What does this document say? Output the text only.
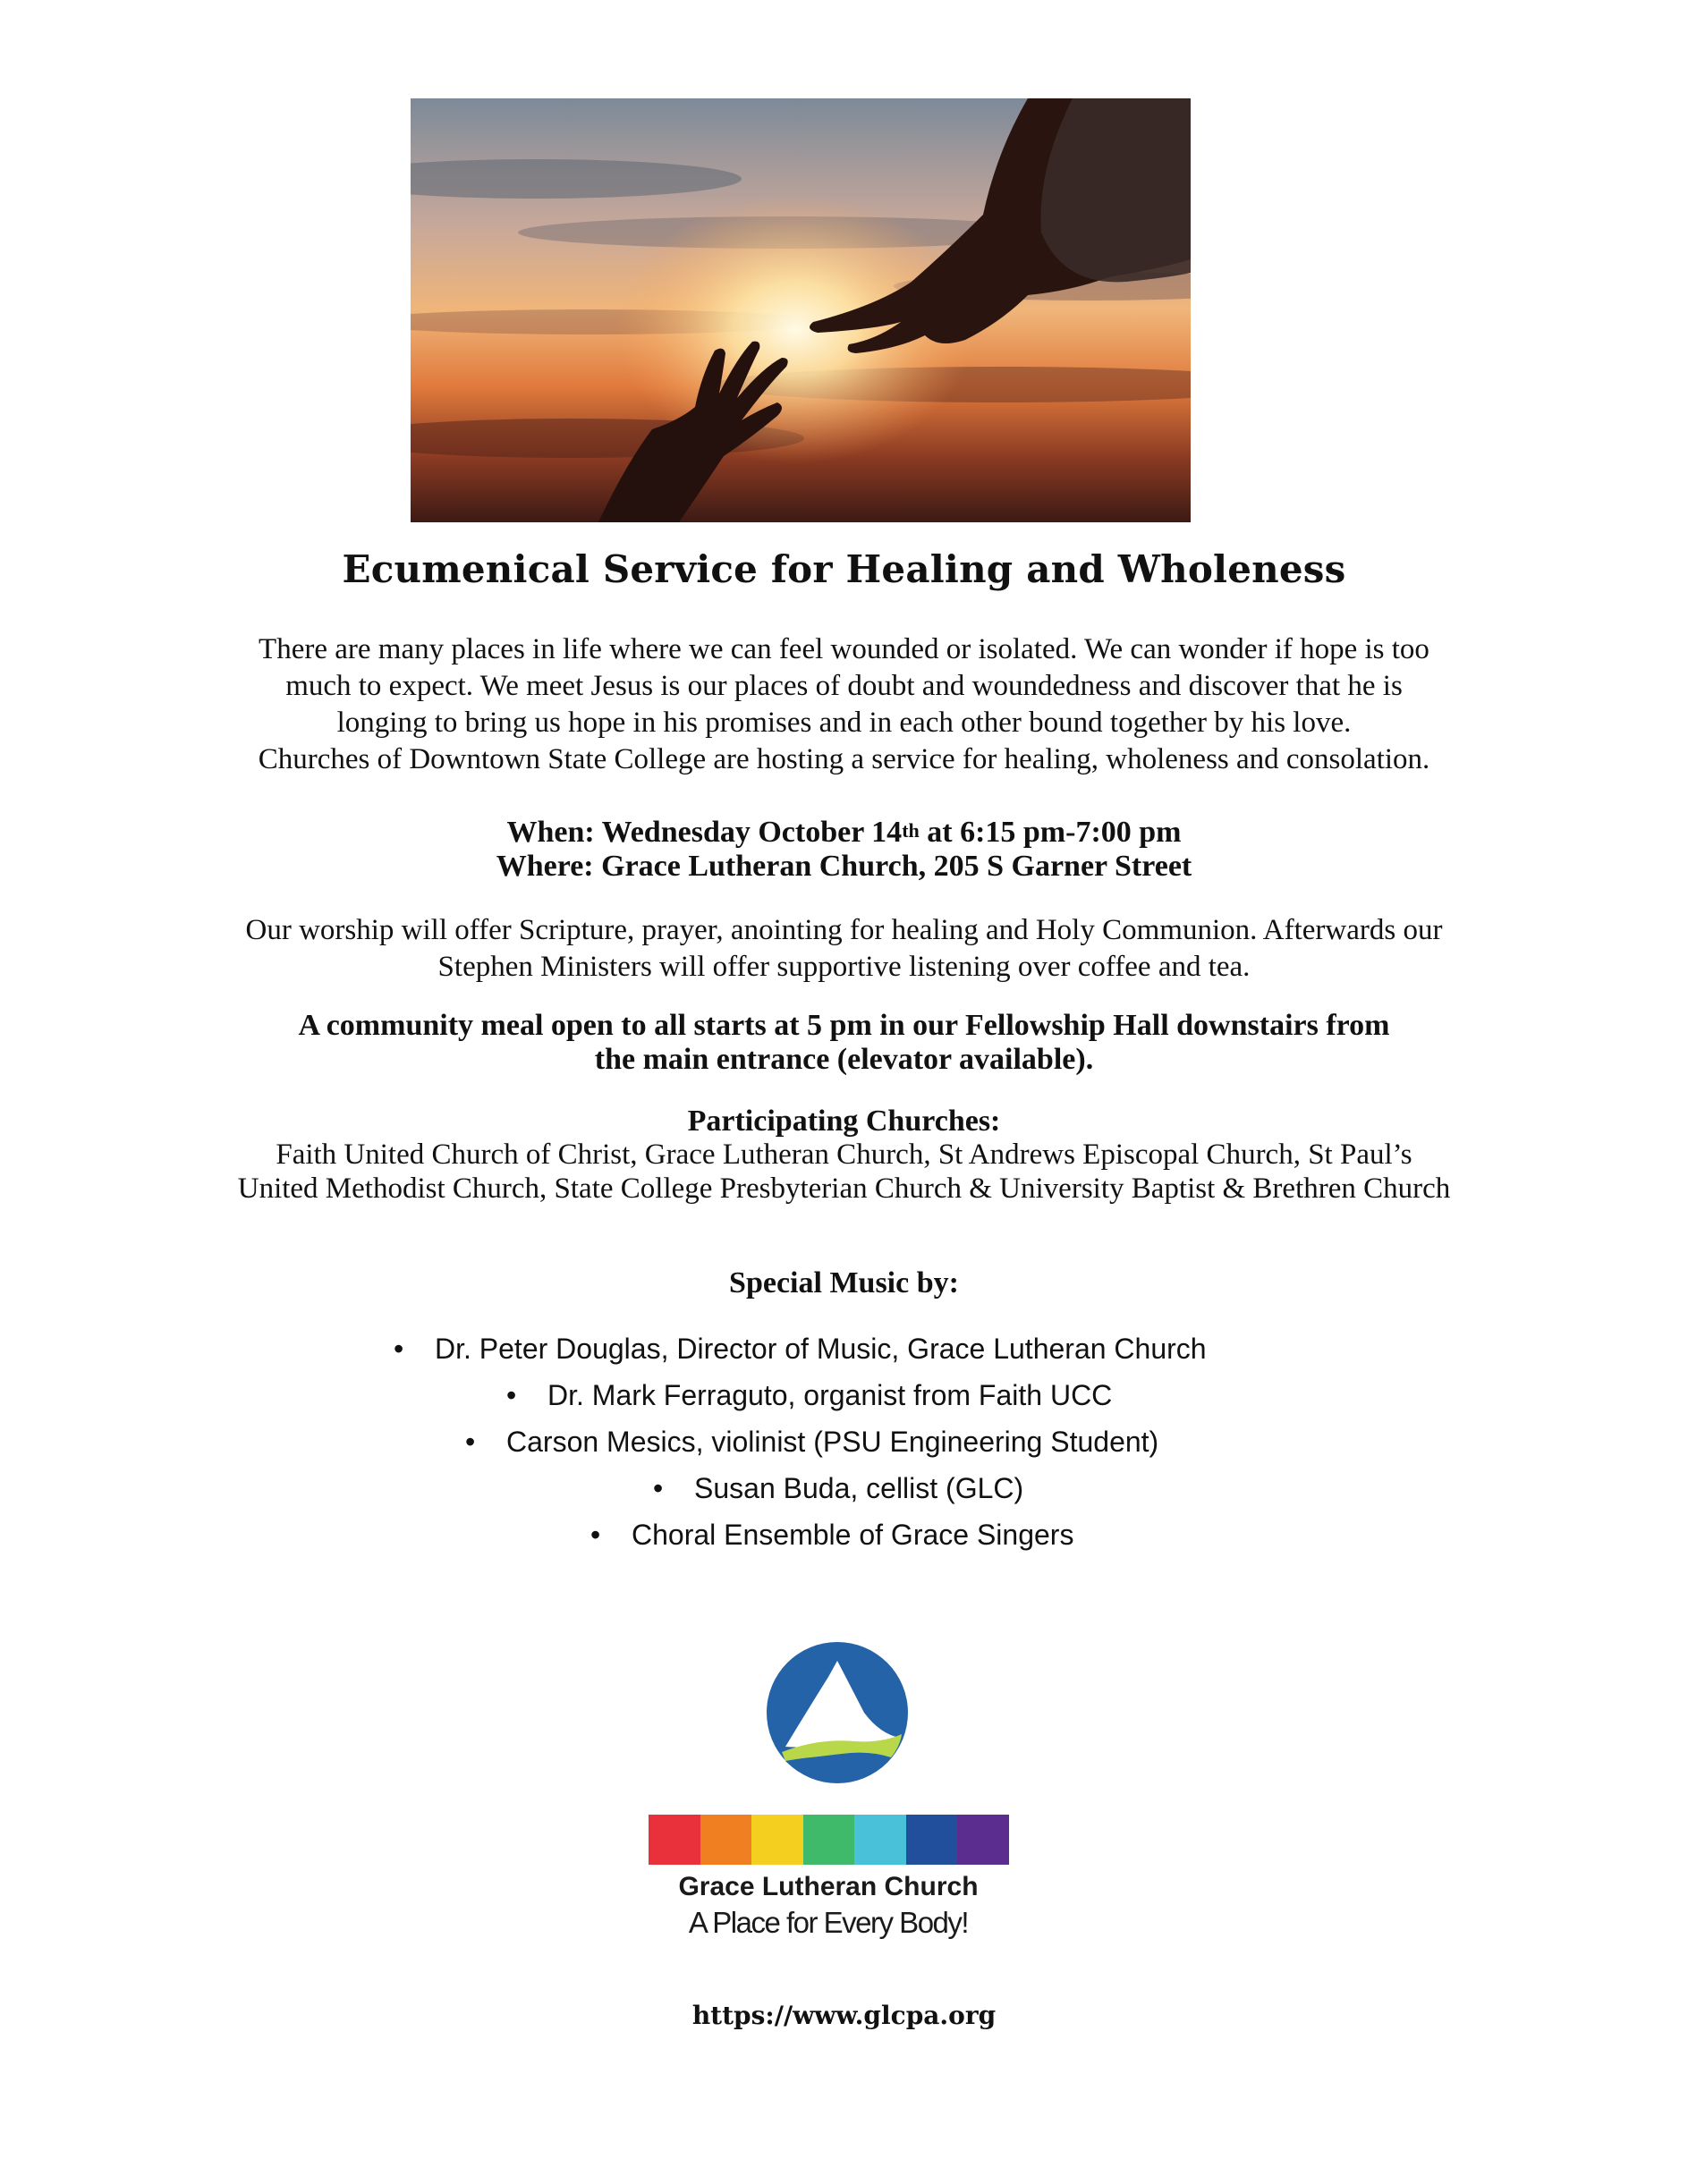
Ecumenical Service for Healing and Wholeness
There are many places in life where we can feel wounded or isolated. We can wonder if hope is too
much to expect. We meet Jesus is our places of doubt and woundedness and discover that he is
longing to bring us hope in his promises and in each other bound together by his love.
Churches of Downtown State College are hosting a service for healing, wholeness and consolation.
When: Wednesday October 14th at 6:15 pm-7:00 pm
Where: Grace Lutheran Church, 205 S Garner Street
Our worship will offer Scripture, prayer, anointing for healing and Holy Communion. Afterwards our
Stephen Ministers will offer supportive listening over coffee and tea.
A community meal open to all starts at 5 pm in our Fellowship Hall downstairs from
the main entrance (elevator available).
Participating Churches:
Faith United Church of Christ, Grace Lutheran Church, St Andrews Episcopal Church, St Paul’s
United Methodist Church, State College Presbyterian Church & University Baptist & Brethren Church
Special Music by:
• Dr. Peter Douglas, Director of Music, Grace Lutheran Church
• Dr. Mark Ferraguto, organist from Faith UCC
• Carson Mesics, violinist (PSU Engineering Student)
• Susan Buda, cellist (GLC)
• Choral Ensemble of Grace Singers
Grace Lutheran Church
A Place for Every Body!
https://www.glcpa.org
